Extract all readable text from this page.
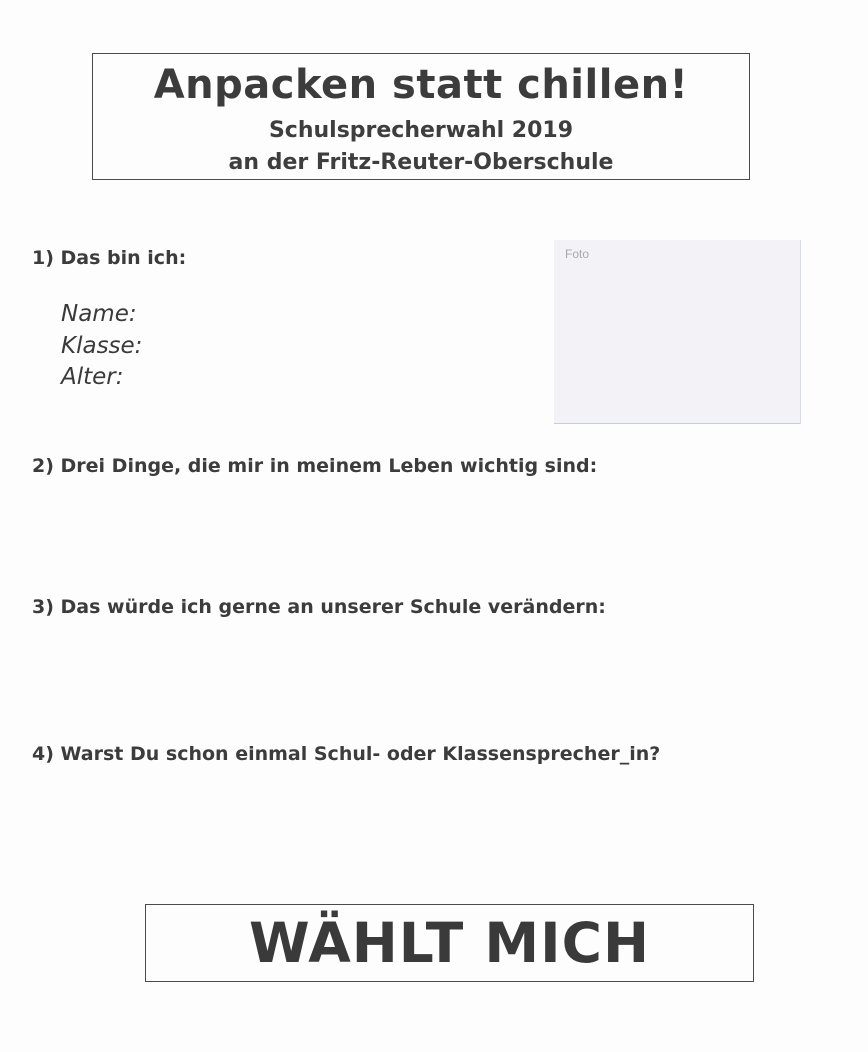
Anpacken statt chillen!
Schulsprecherwahl 2019
an der Fritz-Reuter-Oberschule
1) Das bin ich:
Name:
Klasse:
Alter:
Foto
2) Drei Dinge, die mir in meinem Leben wichtig sind:
3) Das würde ich gerne an unserer Schule verändern:
4) Warst Du schon einmal Schul- oder Klassensprecher_in?
WÄHLT MICH
